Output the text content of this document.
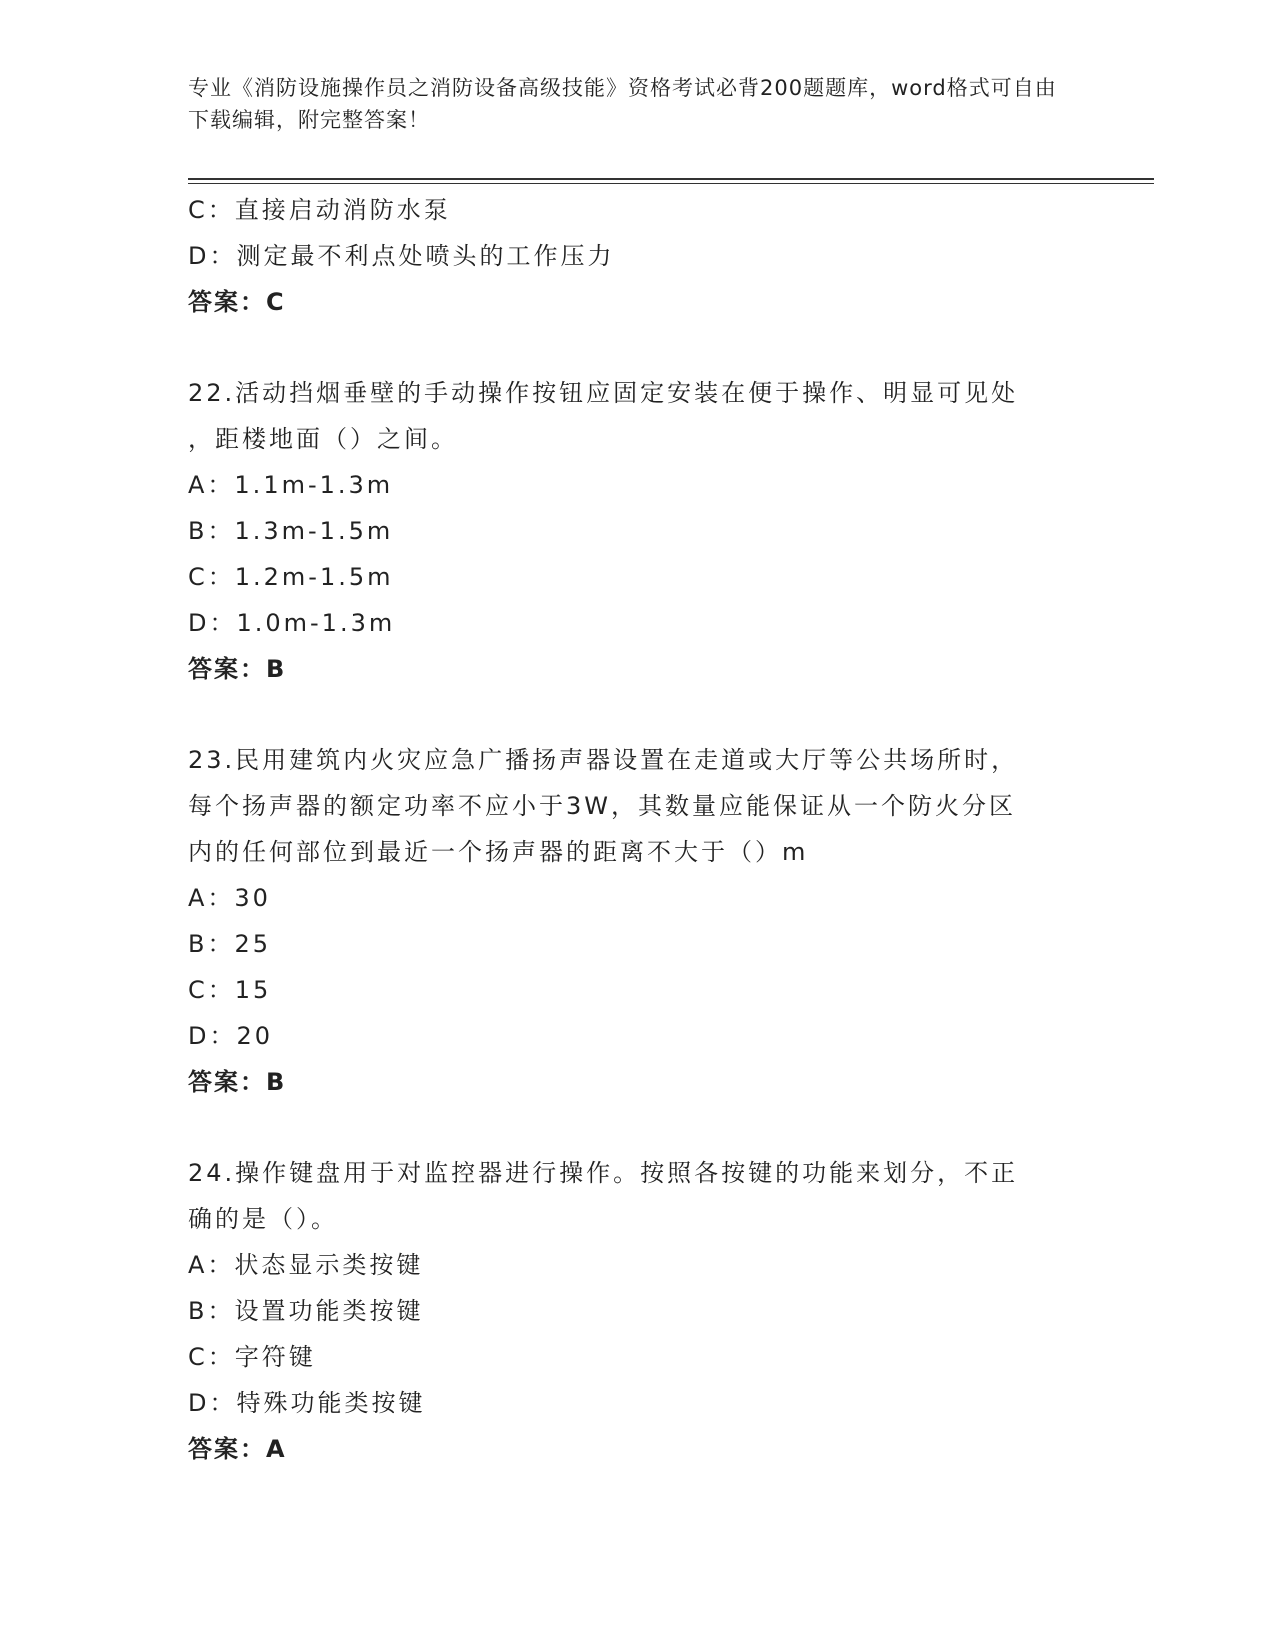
专业《消防设施操作员之消防设备高级技能》资格考试必背200题题库，word格式可自由下载编辑，附完整答案！
C：直接启动消防水泵
D：测定最不利点处喷头的工作压力
答案：C
22.活动挡烟垂壁的手动操作按钮应固定安装在便于操作、明显可见处
，距楼地面（）之间。
A：1.1m-1.3m
B：1.3m-1.5m
C：1.2m-1.5m
D：1.0m-1.3m
答案：B
23.民用建筑内火灾应急广播扬声器设置在走道或大厅等公共场所时，
每个扬声器的额定功率不应小于3W，其数量应能保证从一个防火分区
内的任何部位到最近一个扬声器的距离不大于（）m
A：30
B：25
C：15
D：20
答案：B
24.操作键盘用于对监控器进行操作。按照各按键的功能来划分，不正
确的是（）。
A：状态显示类按键
B：设置功能类按键
C：字符键
D：特殊功能类按键
答案：A
